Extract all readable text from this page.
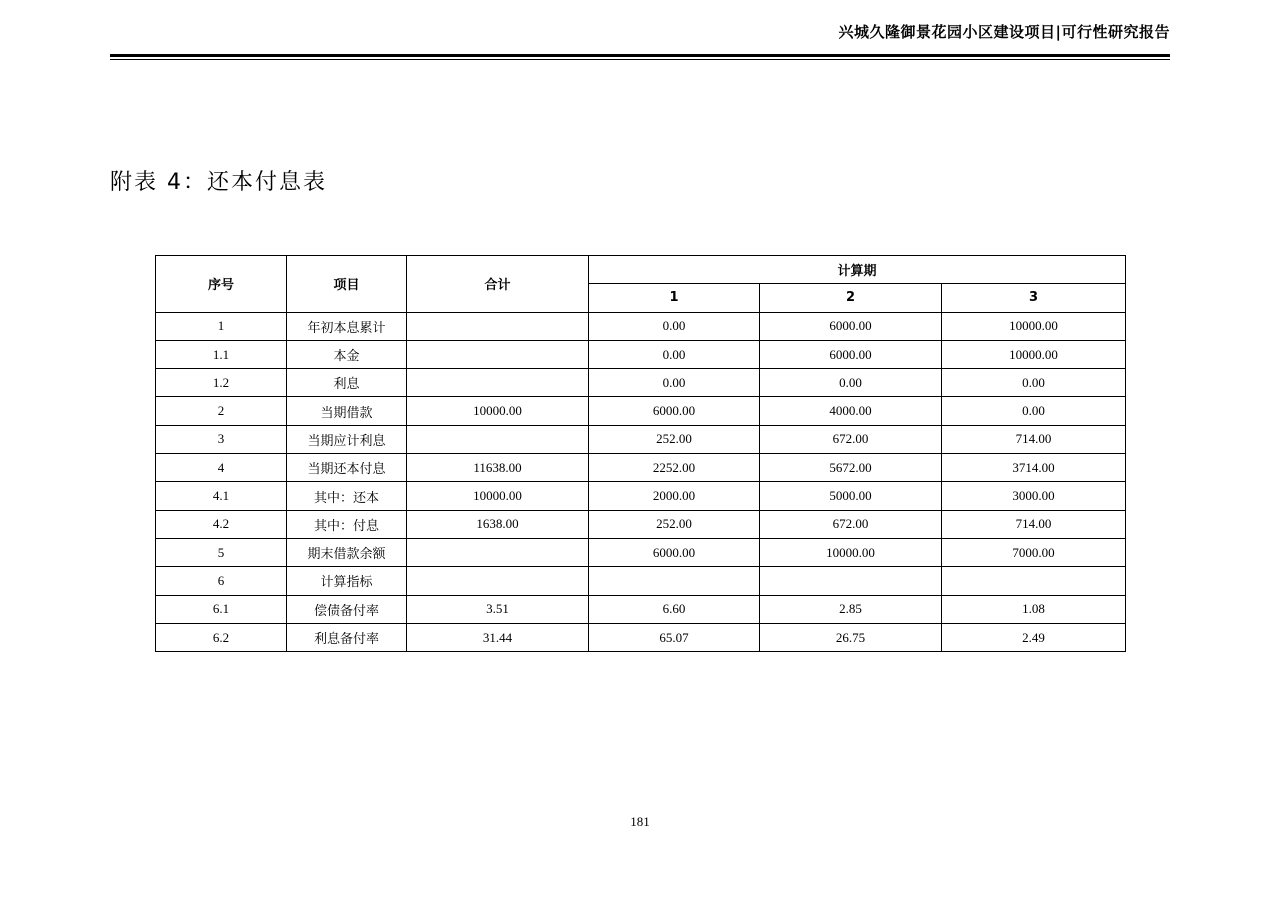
兴城久隆御景花园小区建设项目|可行性研究报告
附表 4：还本付息表
序号	项目	合计	计算期		
			1	2	3
1	年初本息累计		0.00	6000.00	10000.00
1.1	本金		0.00	6000.00	10000.00
1.2	利息		0.00	0.00	0.00
2	当期借款	10000.00	6000.00	4000.00	0.00
3	当期应计利息		252.00	672.00	714.00
4	当期还本付息	11638.00	2252.00	5672.00	3714.00
4.1	其中：还本	10000.00	2000.00	5000.00	3000.00
4.2	其中：付息	1638.00	252.00	672.00	714.00
5	期末借款余额		6000.00	10000.00	7000.00
6	计算指标				
6.1	偿债备付率	3.51	6.60	2.85	1.08
6.2	利息备付率	31.44	65.07	26.75	2.49
181
